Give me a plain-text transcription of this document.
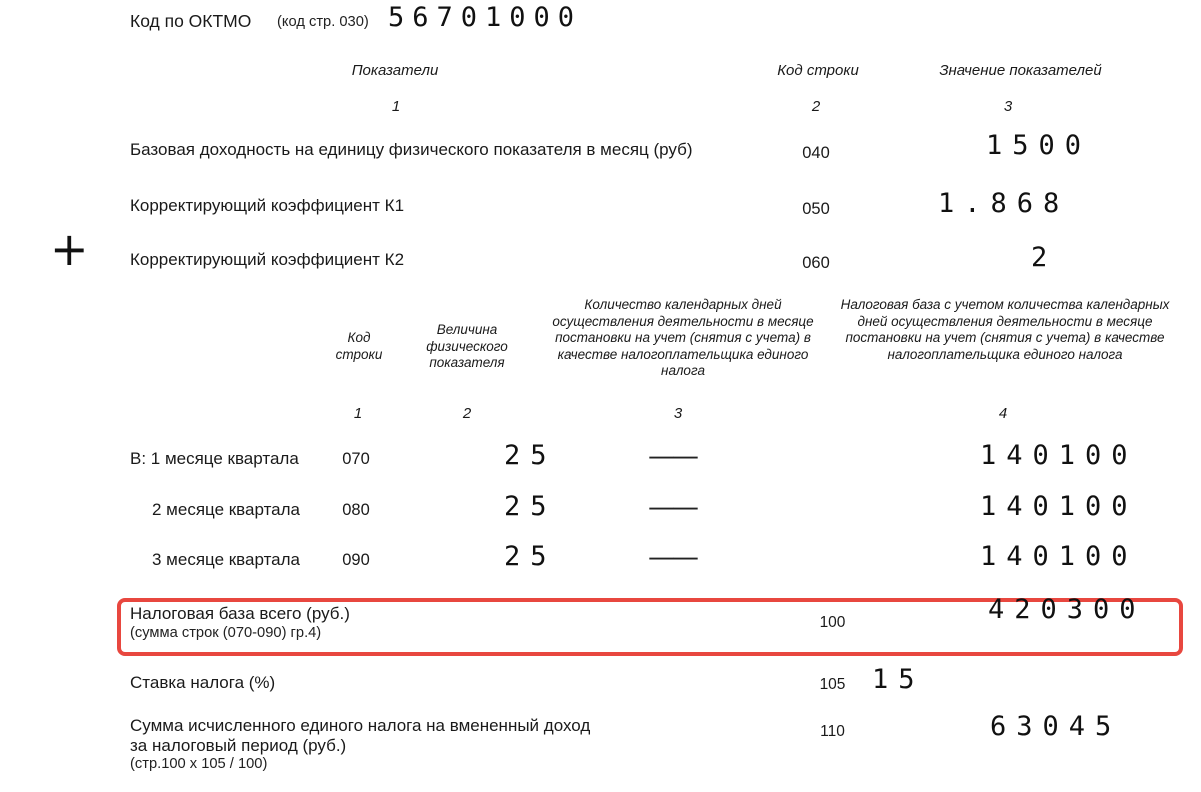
Код по ОКТМО (код стр. 030) 56701000
Показатели	Код строки	Значение показателей
1	2	3
Базовая доходность на единицу физического показателя в месяц (руб)	040	1500
Корректирующий коэффициент К1	050	1.868
Корректирующий коэффициент К2	060	2
+
Код строки
Величина физического показателя
Количество календарных дней осуществления деятельности в месяце постановки на учет (снятия с учета) в качестве налогоплательщика единого налога
Налоговая база с учетом количества календарных дней осуществления деятельности в месяце постановки на учет (снятия с учета) в качестве налогоплательщика единого налога
1	2	3	4
В: 1 месяце квартала	070	25	——	140100
2 месяце квартала	080	25	——	140100
3 месяце квартала	090	25	——	140100
Налоговая база всего (руб.)
(сумма строк (070-090) гр.4)
100	420300
Ставка налога (%)	105 15
Сумма исчисленного единого налога на вмененный доход
за налоговый период (руб.)
(стр.100 x 105 / 100)
110	63045
